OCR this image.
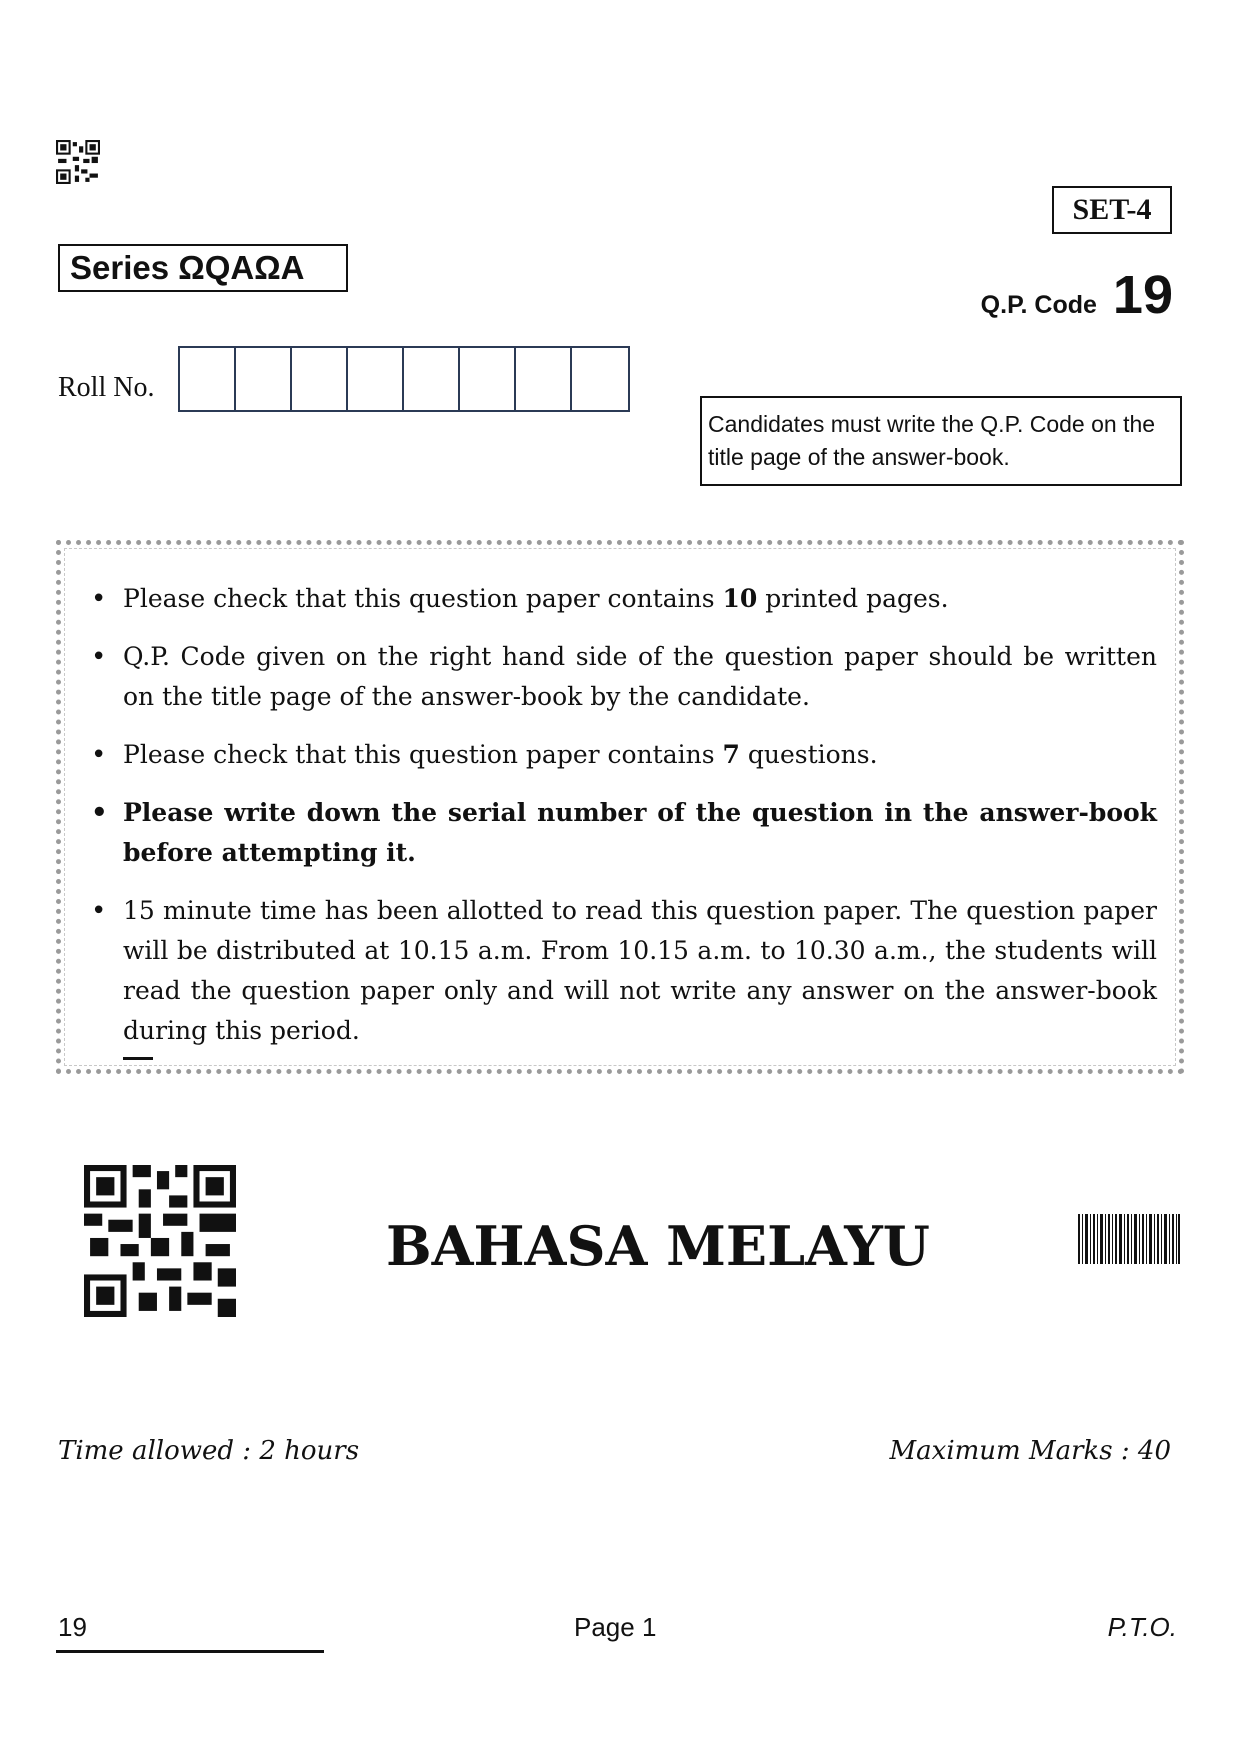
SET-4
Series ΩQAΩA
Q.P. Code 19
Roll No.
Candidates must write the Q.P. Code on the title page of the answer-book.
• Please check that this question paper contains 10 printed pages.
• Q.P. Code given on the right hand side of the question paper should be written on the title page of the answer-book by the candidate.
• Please check that this question paper contains 7 questions.
• Please write down the serial number of the question in the answer-book before attempting it.
• 15 minute time has been allotted to read this question paper. The question paper will be distributed at 10.15 a.m. From 10.15 a.m. to 10.30 a.m., the students will read the question paper only and will not write any answer on the answer-book during this period.
BAHASA MELAYU
Time allowed : 2 hours	Maximum Marks : 40
19	Page 1	P.T.O.
